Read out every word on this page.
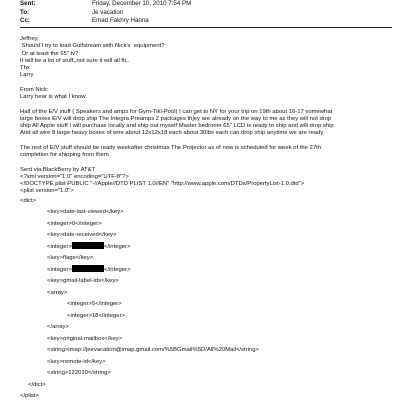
Sent:	Friday, December 10, 2010 7:54 PM
To:	Je vacation
Cc:	Emad Fakhry Hanna
Jeffrey,
Should I try to load Gulfstream with Nick's  equipment?
Or at least the 65" tv?
It will be a lot of stuff,,not sure it will all fit,.
Thx
Larry
From Nick:
Larry hear is what I know
Half of the E/V stuff ( Speakers and amps for Gym-Tiki-Pool) I can get to NY for your trip on 19th about 16-17 somewhat
large boxes E/V will drop ship The Integra Preamps 2 packages thjey are already on the way to me as they will not drop
ship All Apple stuff I will purchase locally and ship out myself Master bedroom 65" LCD is ready to ship and will drop ship
And all wire 8 large heavy boxes of wire about 12x12x18 each about 30lbs each can drop ship anytime we are ready
The rest of E/V stuff should be ready weekafter christmas The Projector as of now is scheduled for week of the 27th
completion for shipping from them
Sent via BlackBerry by AT&T
<?xml version="1.0" encoding="UTF-8"?>
<!DOCTYPE plist PUBLIC "-//Apple//DTD PLIST 1.0//EN" "http://www.apple.com/DTDs/PropertyList-1.0.dtd">
<plist version="1.0">
<dict>
<key>date-last-viewed</key>
<integer>0</integer>
<key>date-received</key>
<integer>	</integer>
<key>flags</key>
<integer>	</integer>
<key>gmail-label-ids</key>
<array>
<integer>5</integer>
<integer>18</integer>
</array>
<key>original-mailbox</key>
<string>imap://jeevacation@imap.gmail.com/%5BGmail%5D/All%20Mail</string>
<key>remote-id</key>
<string>122010</string>
</dict>
</plist>
